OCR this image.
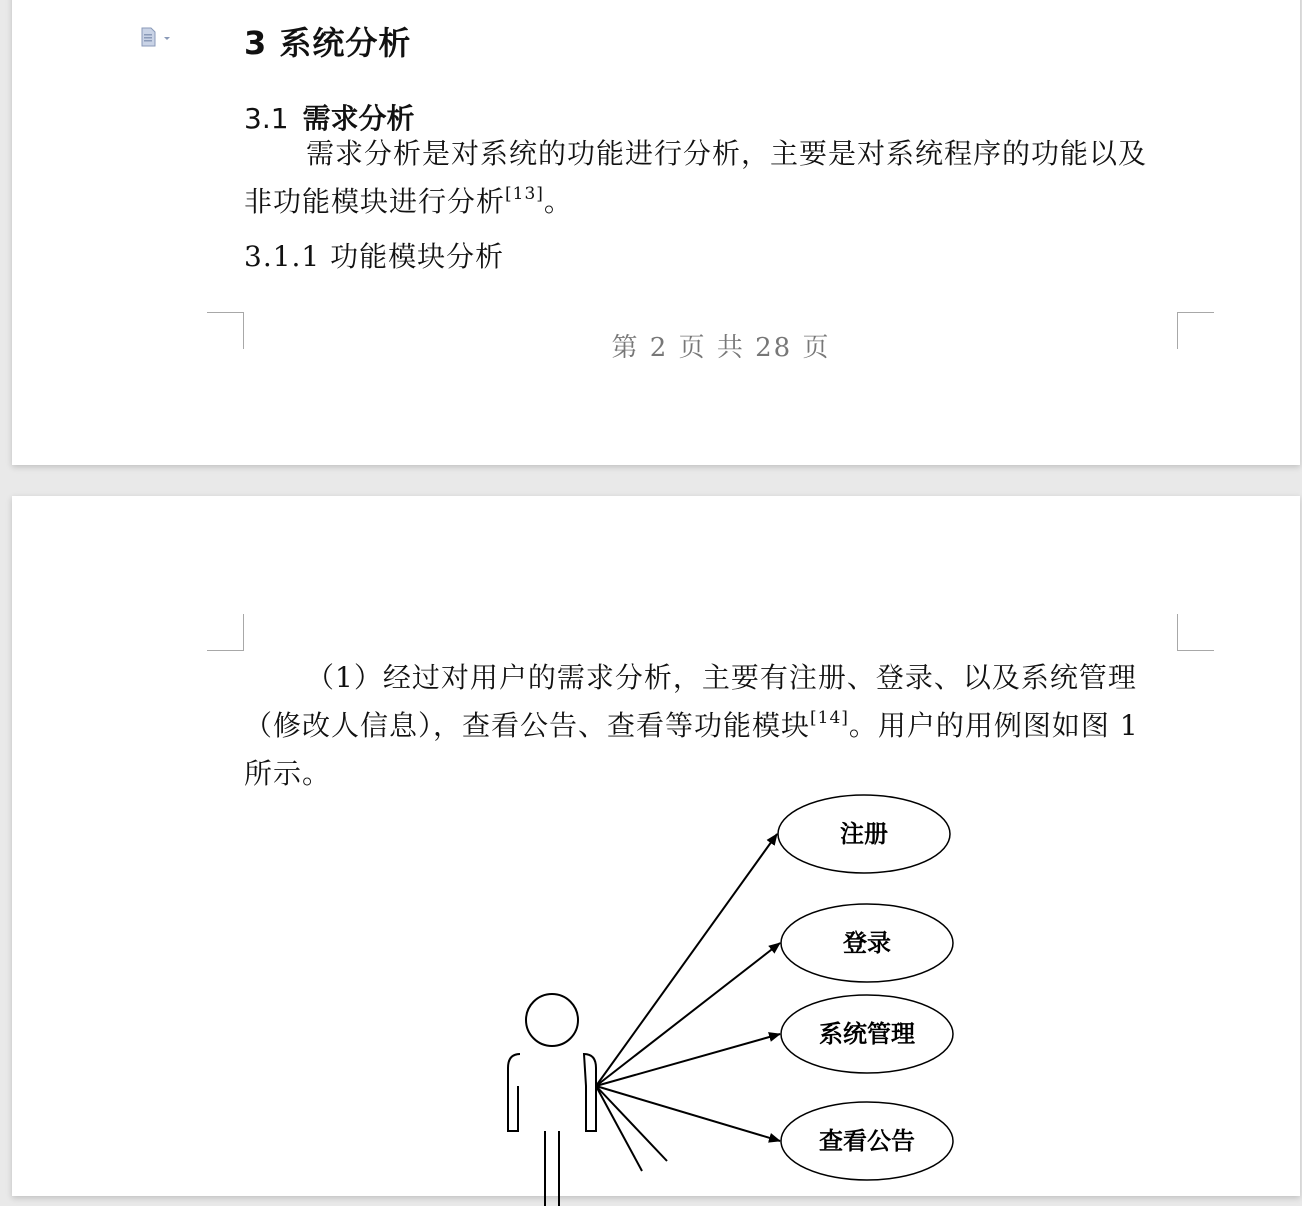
3 系统分析
3.1 需求分析
需求分析是对系统的功能进行分析，主要是对系统程序的功能以及
非功能模块进行分析[13]。
3.1.1 功能模块分析
第 2 页 共 28 页
（1）经过对用户的需求分析，主要有注册、登录、以及系统管理
（修改人信息），查看公告、查看等功能模块[14]。用户的用例图如图 1
所示。
注册
登录
系统管理
查看公告
